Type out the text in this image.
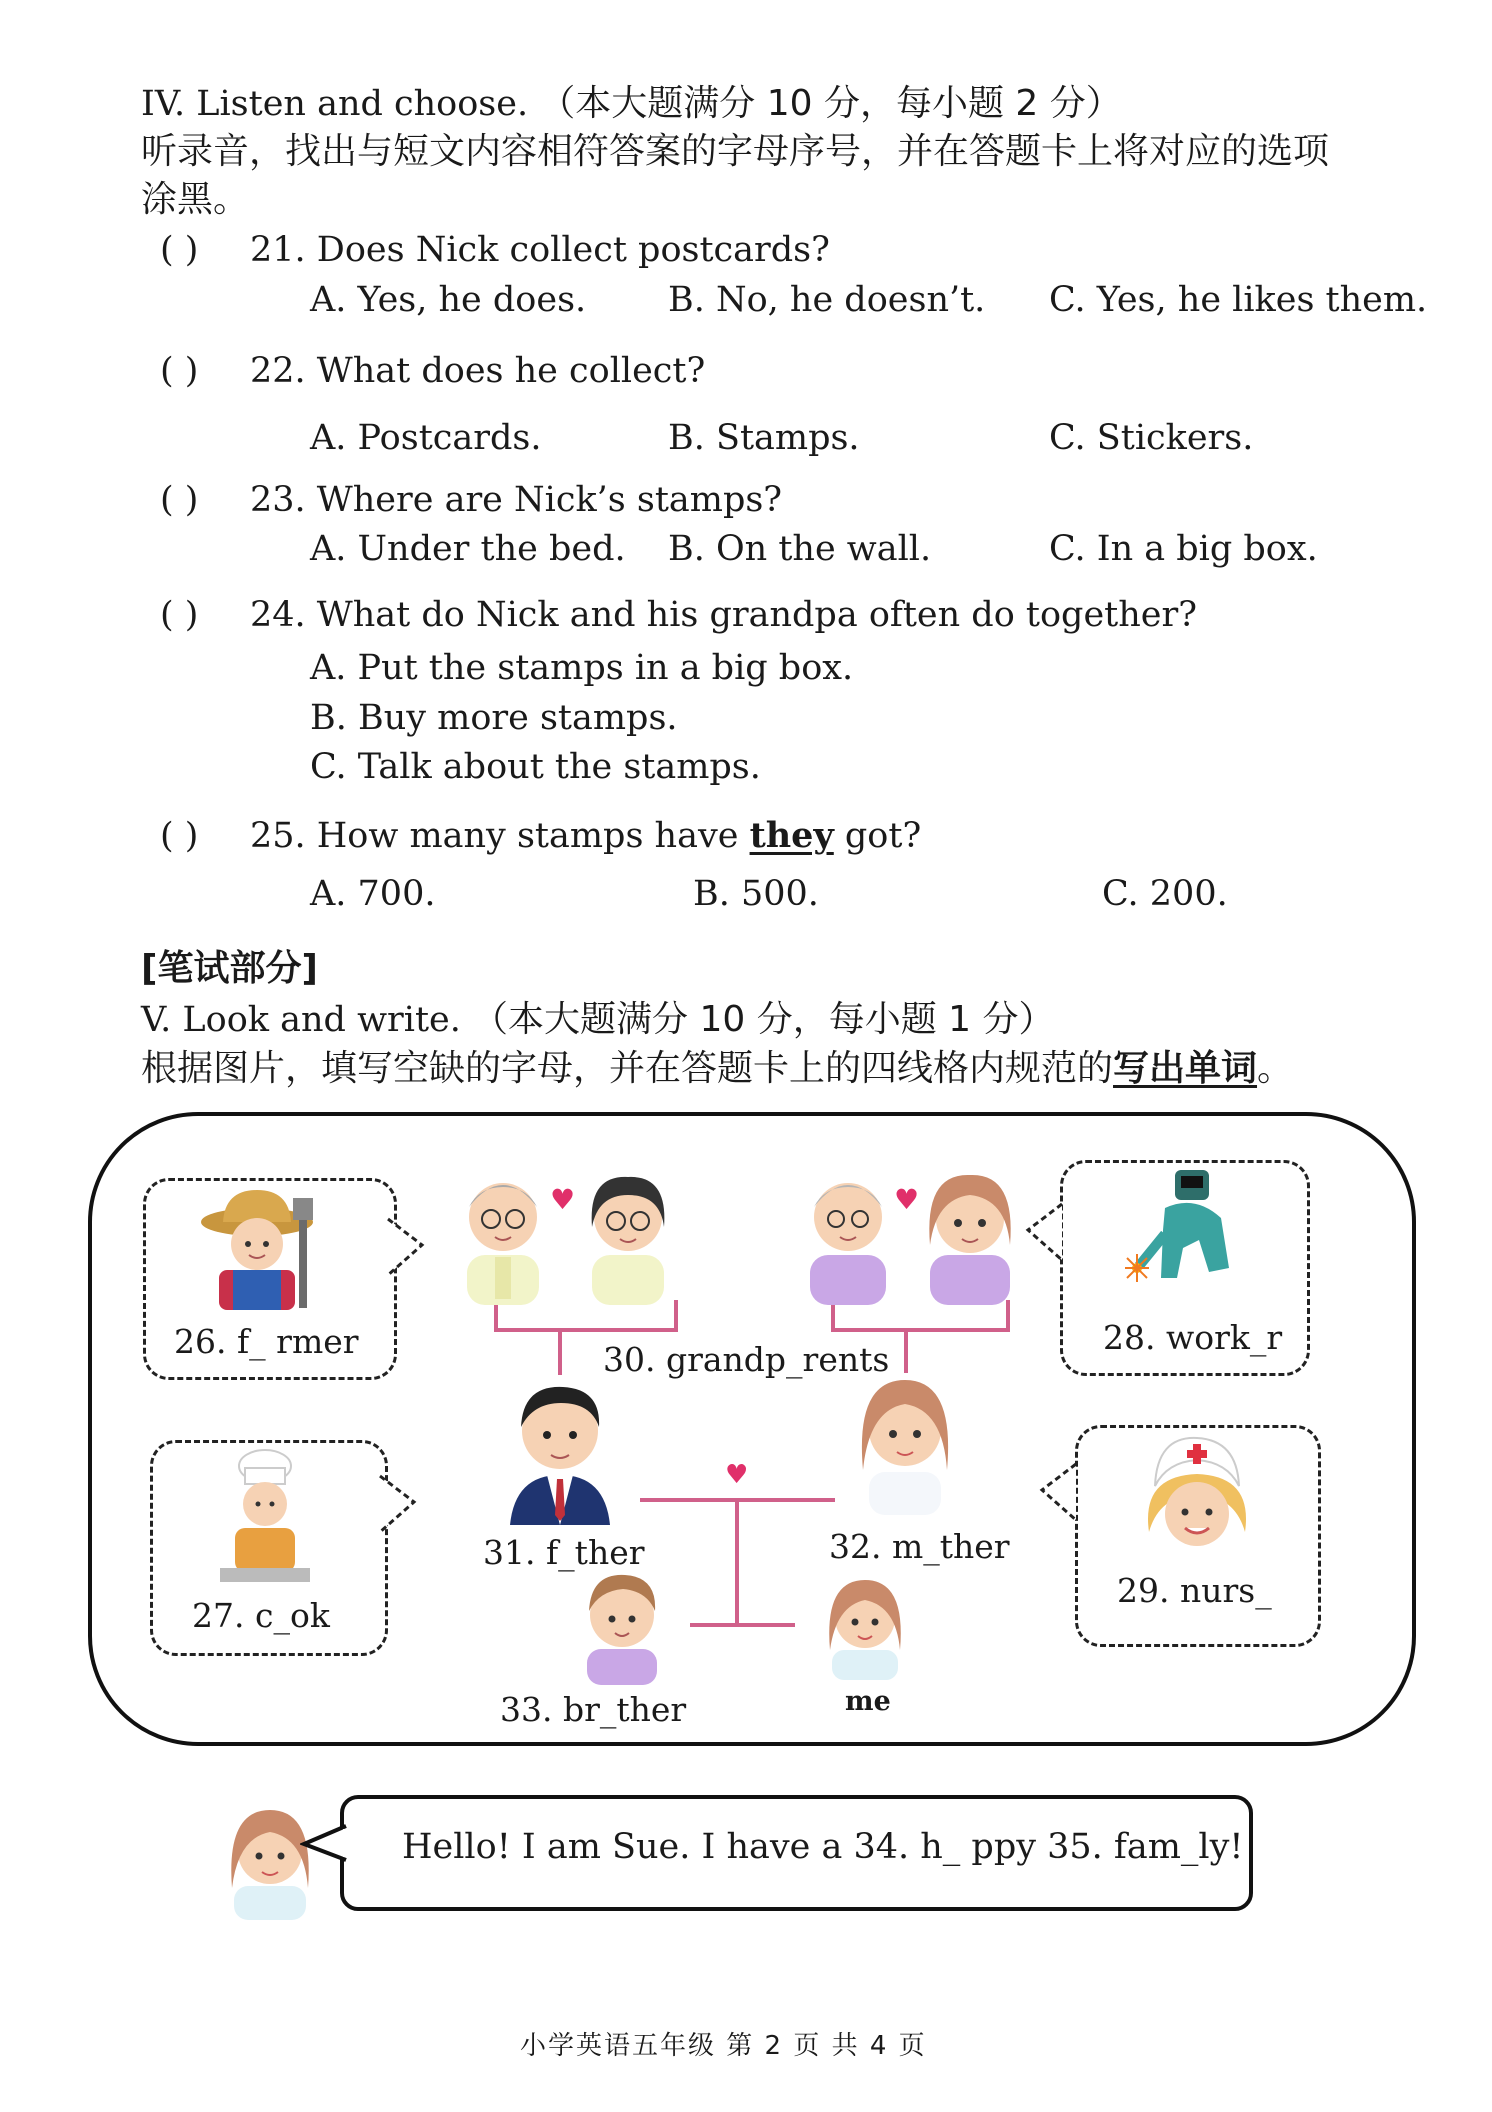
IV. Listen and choose. （本大题满分 10 分，每小题 2 分）
听录音，找出与短文内容相符答案的字母序号，并在答题卡上将对应的选项
涂黑。
( ) 21. Does Nick collect postcards?
A. Yes, he does. B. No, he doesn’t. C. Yes, he likes them.
( ) 22. What does he collect?
A. Postcards.	B. Stamps.	C. Stickers.
( ) 23. Where are Nick’s stamps?
A. Under the bed. B. On the wall.	C. In a big box.
( ) 24. What do Nick and his grandpa often do together?
A. Put the stamps in a big box.
B. Buy more stamps.
C. Talk about the stamps.
( ) 25. How many stamps have they got?
A. 700.	B. 500.	C. 200.
[笔试部分]
V. Look and write. （本大题满分 10 分，每小题 1 分）
根据图片，填写空缺的字母，并在答题卡上的四线格内规范的写出单词。
♥	♥
♥
30. grandp_rents
31. f_ther	32. m_ther
33. br_ther	me
26. f_ rmer
27. c_ok
28. work_r
29. nurs_
Hello! I am Sue. I have a 34. h_ ppy 35. fam_ly!
小学英语五年级 第 2 页 共 4 页
